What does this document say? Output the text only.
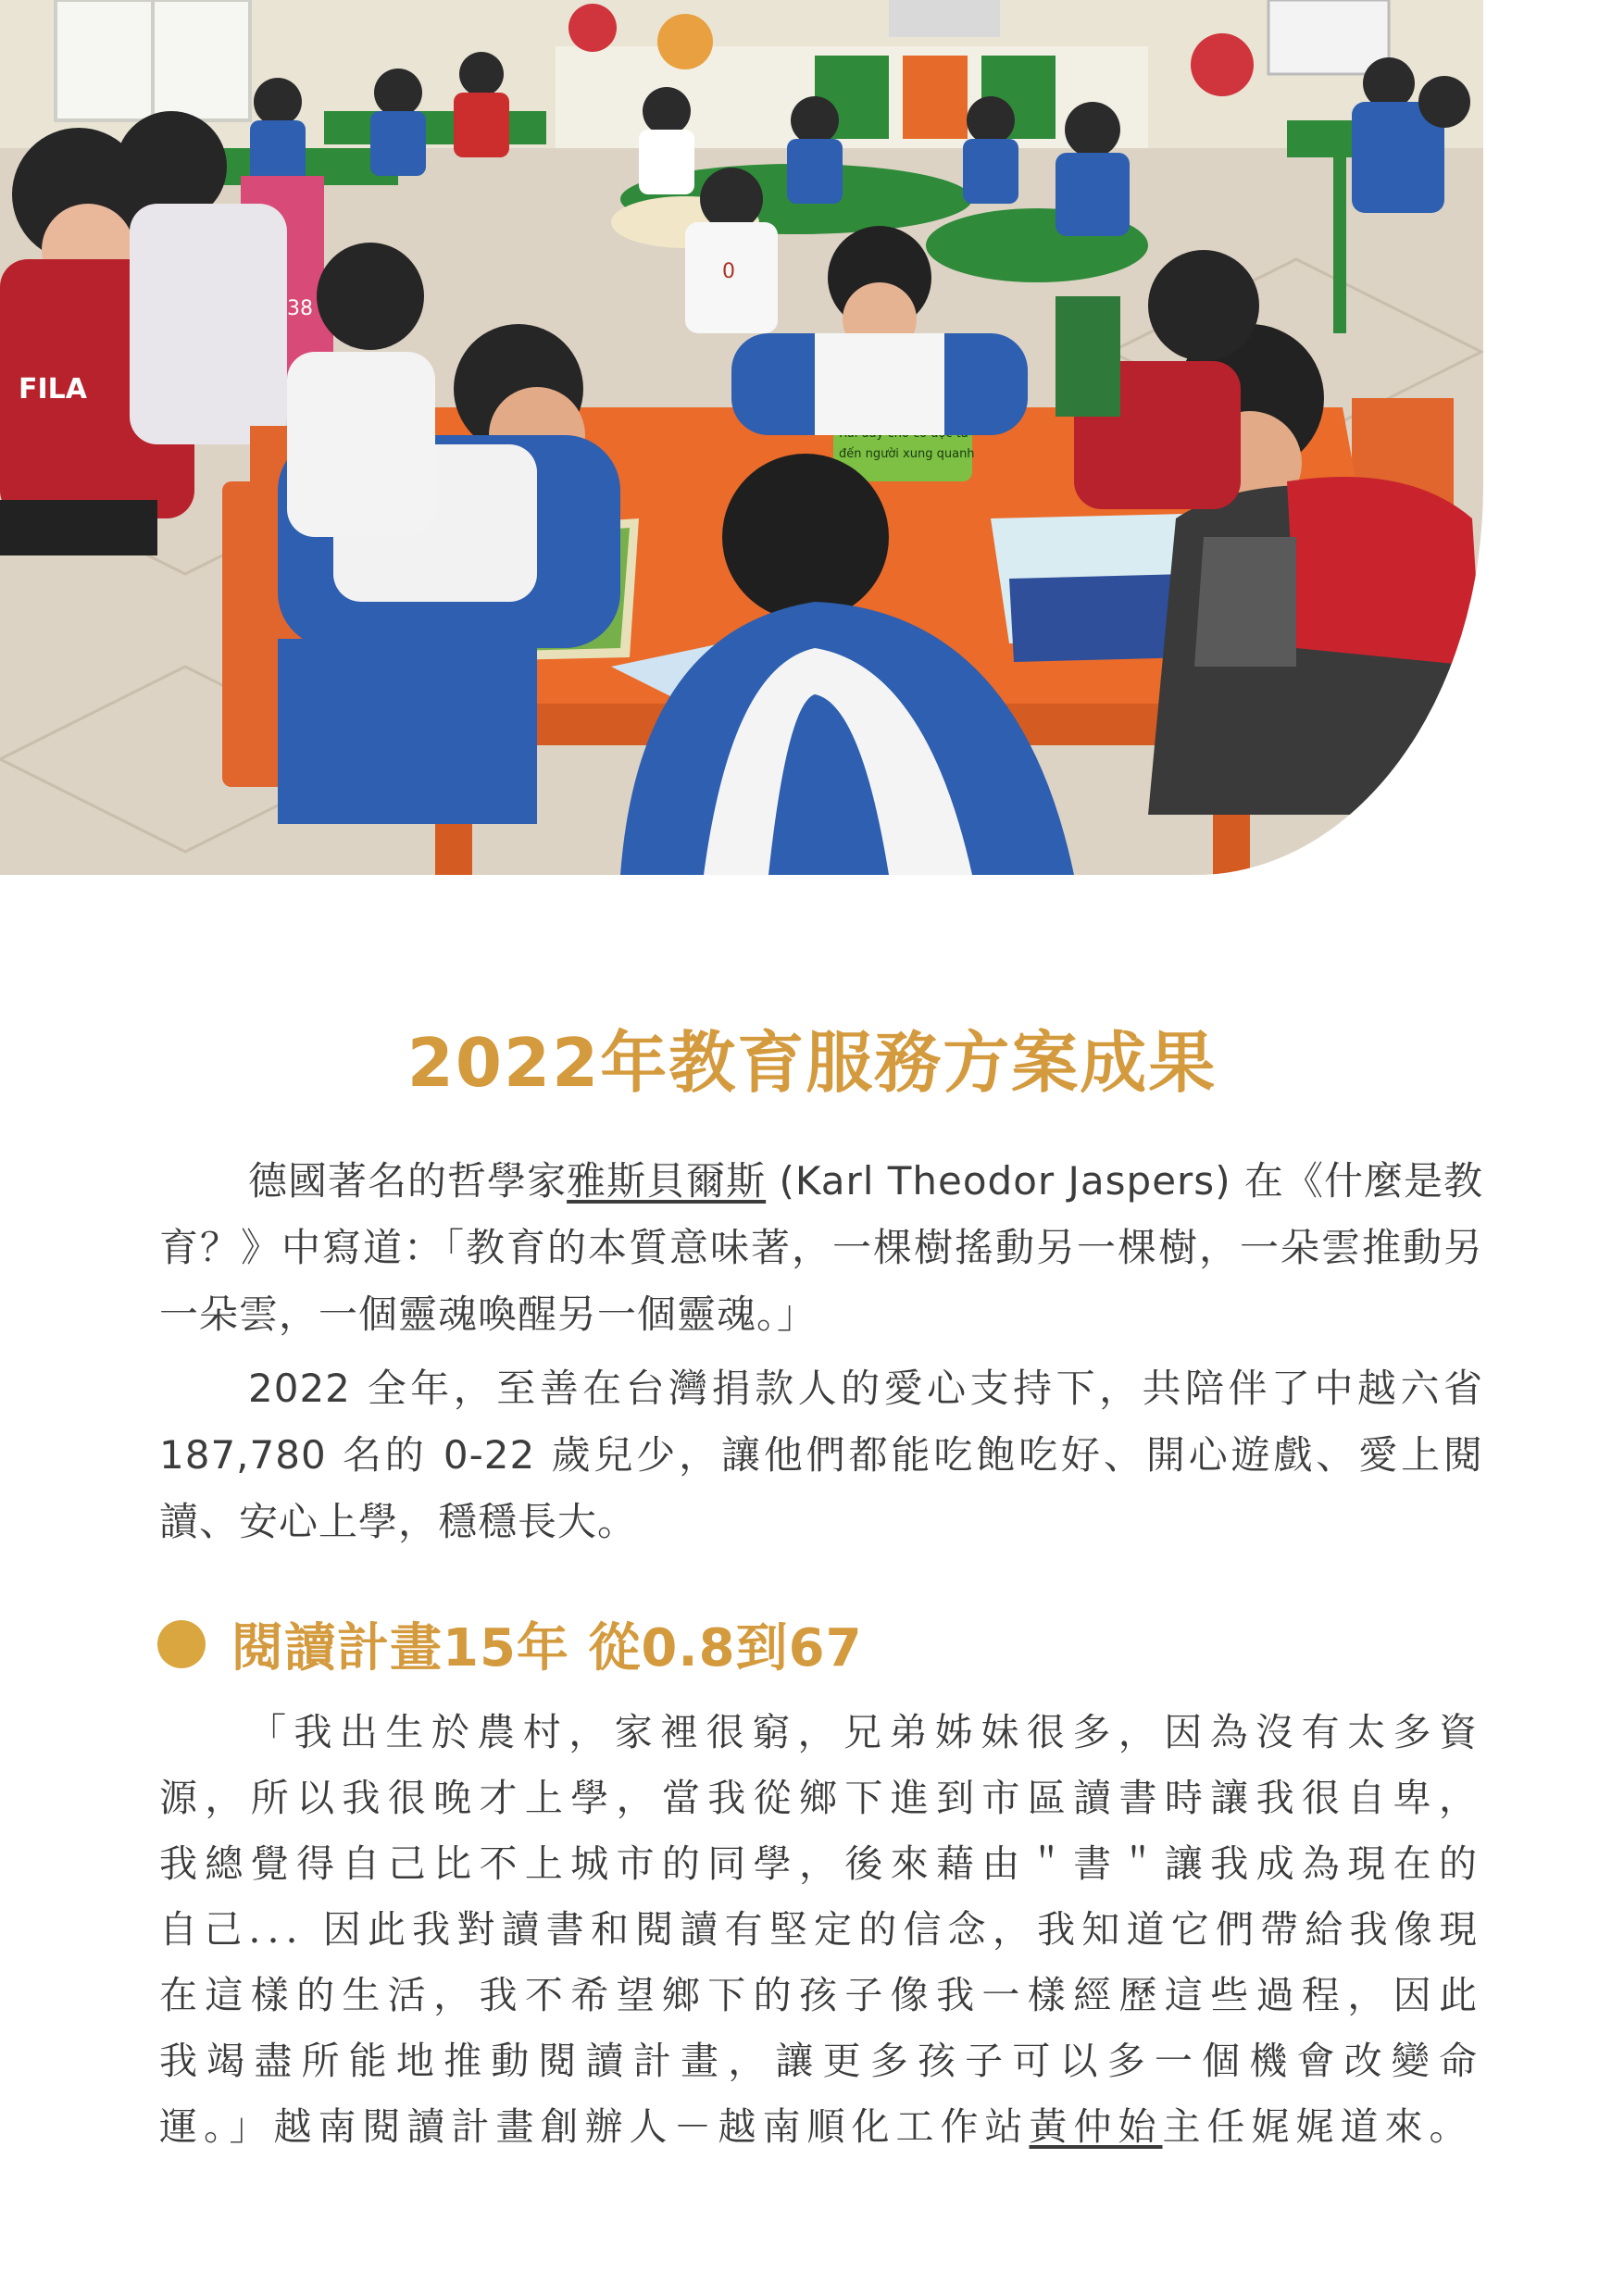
38
0
FILA
đến người xung quanh
2022年教育服務方案成果

德國著名的哲學家雅斯貝爾斯 (Karl Theodor Jaspers) 在《什麼是教育？》中寫道：「教育的本質意味著，一棵樹搖動另一棵樹，一朵雲推動另一朵雲，一個靈魂喚醒另一個靈魂。」

2022 全年，至善在台灣捐款人的愛心支持下，共陪伴了中越六省 187,780 名的 0-22 歲兒少，讓他們都能吃飽吃好、開心遊戲、愛上閱讀、安心上學，穩穩長大。

閱讀計畫15年 從0.8到67

「我出生於農村，家裡很窮，兄弟姊妹很多，因為沒有太多資源，所以我很晚才上學，當我從鄉下進到市區讀書時讓我很自卑，我總覺得自己比不上城市的同學，後來藉由＂書＂讓我成為現在的自己... 因此我對讀書和閱讀有堅定的信念，我知道它們帶給我像現在這樣的生活，我不希望鄉下的孩子像我一樣經歷這些過程，因此我竭盡所能地推動閱讀計畫，讓更多孩子可以多一個機會改變命運。」越南閱讀計畫創辦人－越南順化工作站黃仲始主任娓娓道來。
